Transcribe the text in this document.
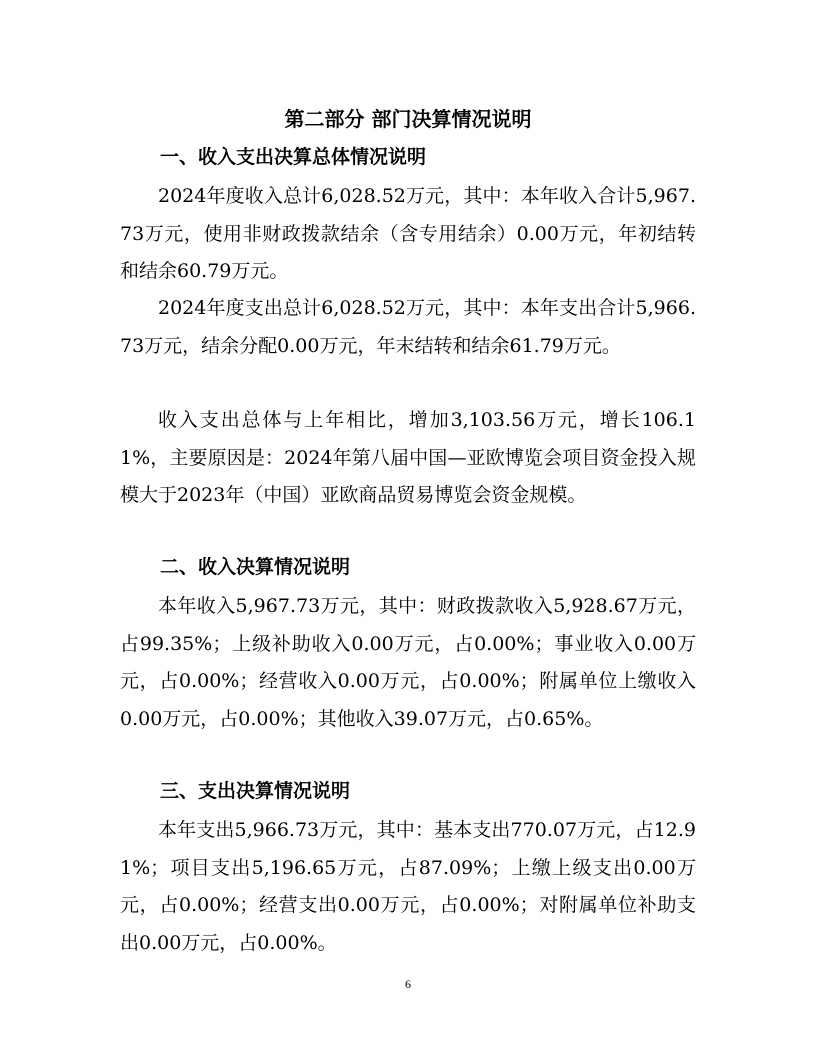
第二部分 部门决算情况说明
一、收入支出决算总体情况说明

2024年度收入总计6,028.52万元，其中：本年收入合计5,967.73万元，使用非财政拨款结余（含专用结余）0.00万元，年初结转和结余60.79万元。

2024年度支出总计6,028.52万元，其中：本年支出合计5,966.73万元，结余分配0.00万元，年末结转和结余61.79万元。

收入支出总体与上年相比，增加3,103.56万元，增长106.11%，主要原因是：2024年第八届中国—亚欧博览会项目资金投入规模大于2023年（中国）亚欧商品贸易博览会资金规模。

二、收入决算情况说明

本年收入5,967.73万元，其中：财政拨款收入5,928.67万元，占99.35%；上级补助收入0.00万元，占0.00%；事业收入0.00万元，占0.00%；经营收入0.00万元，占0.00%；附属单位上缴收入0.00万元，占0.00%；其他收入39.07万元，占0.65%。

三、支出决算情况说明

本年支出5,966.73万元，其中：基本支出770.07万元，占12.91%；项目支出5,196.65万元，占87.09%；上缴上级支出0.00万元，占0.00%；经营支出0.00万元，占0.00%；对附属单位补助支出0.00万元，占0.00%。

6
